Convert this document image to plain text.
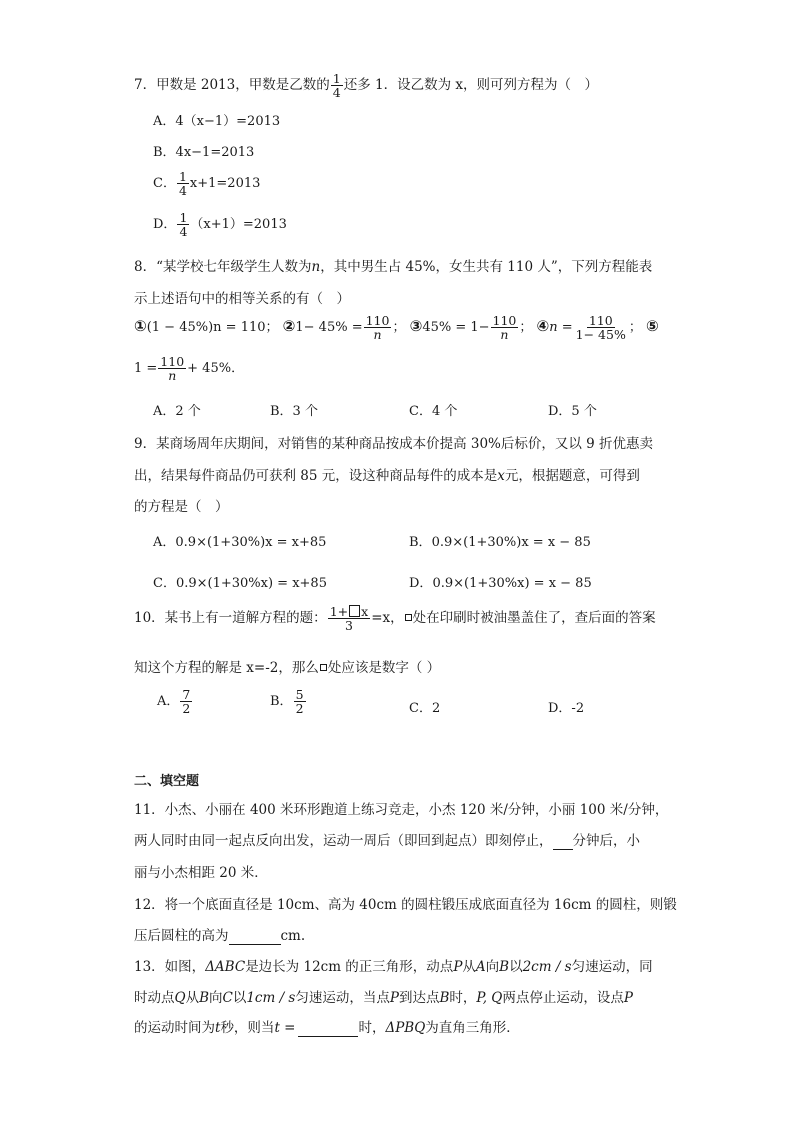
7．甲数是 2013，甲数是乙数的 $\frac{1}{4}$ 还多 1．设乙数为 x，则可列方程为（　）
A．4（x−1）=2013
B．4x−1=2013
C． $\frac{1}{4} x+1=2013$
D． $\frac{1}{4} (x+1)=2013$
8．“某学校七年级学生人数为n，其中男生占 45%，女生共有 110 人”，下列方程能表
示上述语句中的相等关系的有（　）
①(1 − 45%)n = 110； ②1− $45\% = \frac{110}{n}$ ； ③45% = $1- \frac{110}{n}$ ； ④n = $\frac{110}{1- 45\%}$ ； ⑤
$1 = \frac{110}{n} + 45\%$．
A．2 个	B．3 个	C．4 个	D．5 个
9．某商场周年庆期间，对销售的某种商品按成本价提高 30%后标价，又以 9 折优惠卖
出，结果每件商品仍可获利 85 元，设这种商品每件的成本是x元，根据题意，可得到
的方程是（　）
A．0.9×(1+30%)x = x+85	B．0.9×(1+30%)x = x − 85
C．0.9×(1+30%x) = x+85	D．0.9×(1+30%x) = x − 85
10．某书上有一道解方程的题： $\frac{1+ x}{3} =x$， 处在印刷时被油墨盖住了，查后面的答案
知这个方程的解是 x=-2，那么 处应该是数字（ ）
A． $\frac{7}{2}$	B． $\frac{5}{2}$	C．2	D．-2
二、填空题
11．小杰、小丽在 400 米环形跑道上练习竞走，小杰 120 米/分钟，小丽 100 米/分钟，
两人同时由同一起点反向出发，运动一周后（即回到起点）即刻停止， 分钟后，小
丽与小杰相距 20 米．
12．将一个底面直径是 10cm、高为 40cm 的圆柱锻压成底面直径为 16cm 的圆柱，则锻
压后圆柱的高为	cm.
13．如图，ΔABC是边长为 12cm 的正三角形，动点P从A向B以2cm / s匀速运动，同
时动点Q从B向C以1cm / s匀速运动，当点P到达点B时，P, Q两点停止运动，设点P
的运动时间为t秒，则当t =	时，ΔPBQ为直角三角形．
